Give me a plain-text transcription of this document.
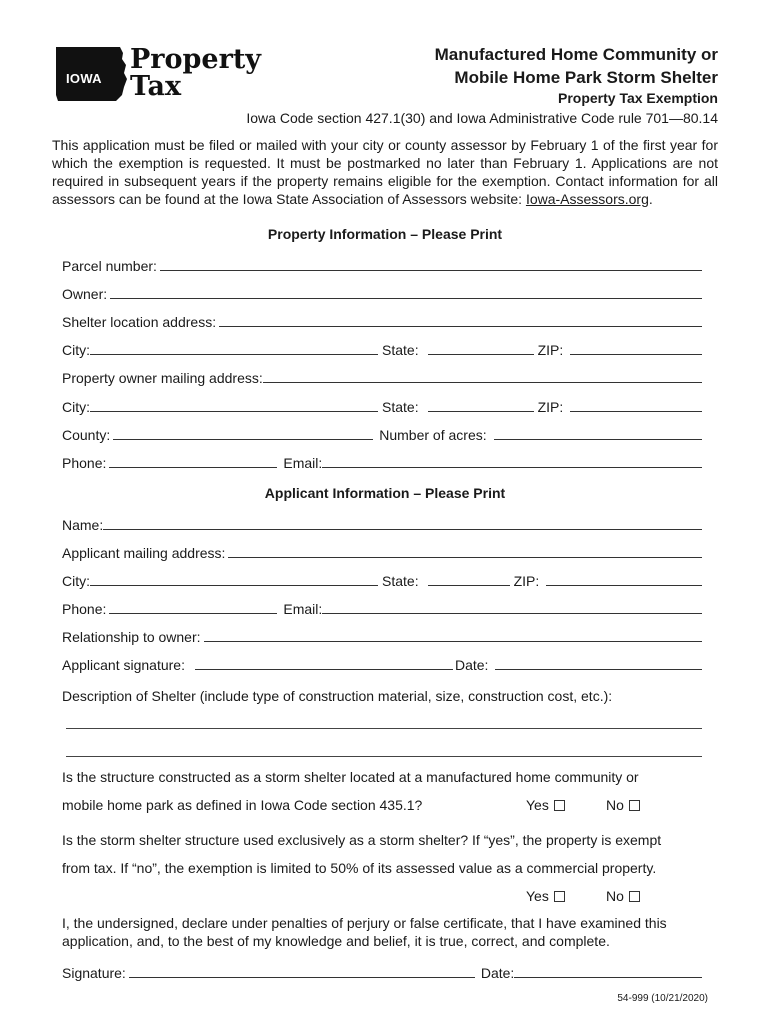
IOWA
Property
Tax
Manufactured Home Community or
Mobile Home Park Storm Shelter
Property Tax Exemption
Iowa Code section 427.1(30) and Iowa Administrative Code rule 701—80.14
This application must be filed or mailed with your city or county assessor by February 1 of the first year for which the exemption is requested. It must be postmarked no later than February 1. Applications are not required in subsequent years if the property remains eligible for the exemption. Contact information for all assessors can be found at the Iowa State Association of Assessors website: Iowa-Assessors.org.
Property Information – Please Print
Parcel number:
Owner:
Shelter location address:
City:	State:	ZIP:
Property owner mailing address:
City:	State:	ZIP:
County:	Number of acres:
Phone:	Email:
Applicant Information – Please Print
Name:
Applicant mailing address:
City:	State:	ZIP:
Phone:	Email:
Relationship to owner:
Applicant signature:	Date:
Description of Shelter (include type of construction material, size, construction cost, etc.):
Is the structure constructed as a storm shelter located at a manufactured home community or
mobile home park as defined in Iowa Code section 435.1?	Yes	No
Is the storm shelter structure used exclusively as a storm shelter? If “yes”, the property is exempt
from tax. If “no”, the exemption is limited to 50% of its assessed value as a commercial property.
Yes	No
I, the undersigned, declare under penalties of perjury or false certificate, that I have examined this application, and, to the best of my knowledge and belief, it is true, correct, and complete.
Signature:	Date:
54-999 (10/21/2020)
